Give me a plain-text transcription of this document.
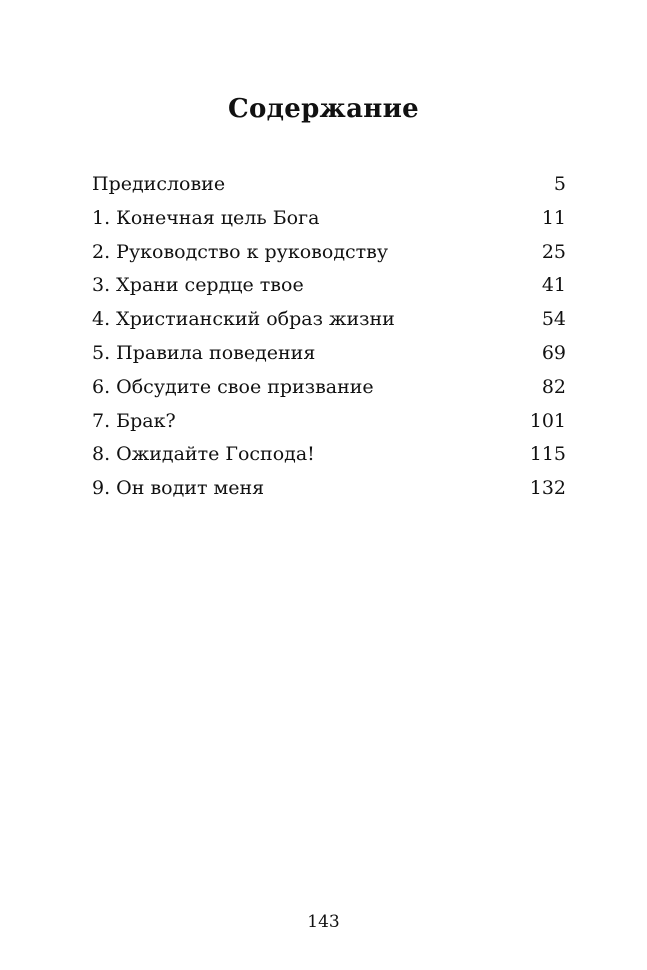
Содержание
Предисловие	5
1. Конечная цель Бога	11
2. Руководство к руководству	25
3. Храни сердце твое	41
4. Христианский образ жизни	54
5. Правила поведения	69
6. Обсудите свое призвание	82
7. Брак?	101
8. Ожидайте Господа!	115
9. Он водит меня	132
143
